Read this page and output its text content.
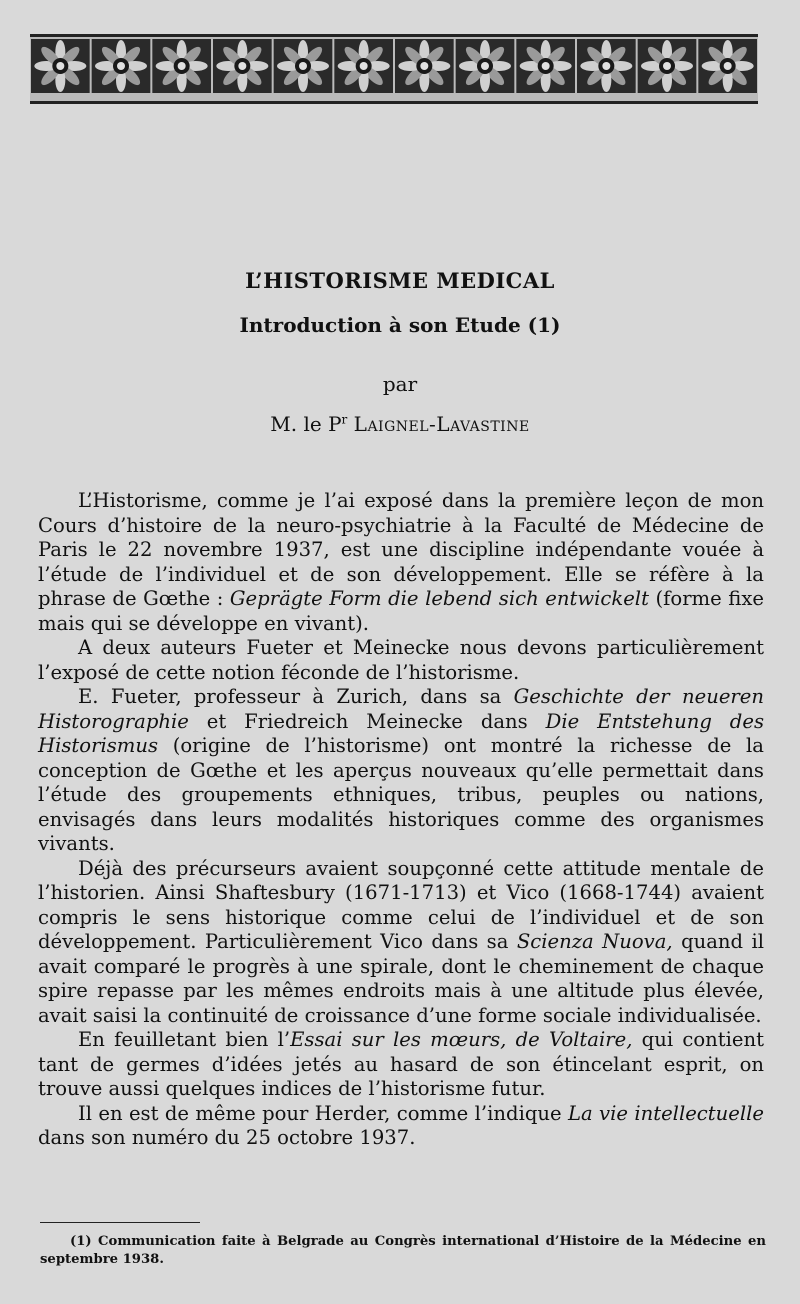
L’HISTORISME MEDICAL
Introduction à son Etude (1)
par
M. le $P^r$ Laignel-Lavastine

L’Historisme, comme je l’ai exposé dans la première leçon de mon Cours d’histoire de la neuro-psychiatrie à la Faculté de Médecine de Paris le 22 novembre 1937, est une discipline indépendante vouée à l’étude de l’individuel et de son développement. Elle se réfère à la phrase de Gœthe : Geprägte Form die lebend sich entwickelt (forme fixe mais qui se développe en vivant).

A deux auteurs Fueter et Meinecke nous devons particulièrement l’exposé de cette notion féconde de l’historisme.

E. Fueter, professeur à Zurich, dans sa Geschichte der neueren Historographie et Friedreich Meinecke dans Die Entstehung des Historismus (origine de l’historisme) ont montré la richesse de la conception de Gœthe et les aperçus nouveaux qu’elle permettait dans l’étude des groupements ethniques, tribus, peuples ou nations, envisagés dans leurs modalités historiques comme des organismes vivants.

Déjà des précurseurs avaient soupçonné cette attitude mentale de l’historien. Ainsi Shaftesbury (1671-1713) et Vico (1668-1744) avaient compris le sens historique comme celui de l’individuel et de son développement. Particulièrement Vico dans sa Scienza Nuova, quand il avait comparé le progrès à une spirale, dont le cheminement de chaque spire repasse par les mêmes endroits mais à une altitude plus élevée, avait saisi la continuité de croissance d’une forme sociale individualisée.

En feuilletant bien l’Essai sur les mœurs, de Voltaire, qui contient tant de germes d’idées jetés au hasard de son étincelant esprit, on trouve aussi quelques indices de l’historisme futur.

Il en est de même pour Herder, comme l’indique La vie intellectuelle dans son numéro du 25 octobre 1937.

(1) Communication faite à Belgrade au Congrès international d’Histoire de la Médecine en septembre 1938.
